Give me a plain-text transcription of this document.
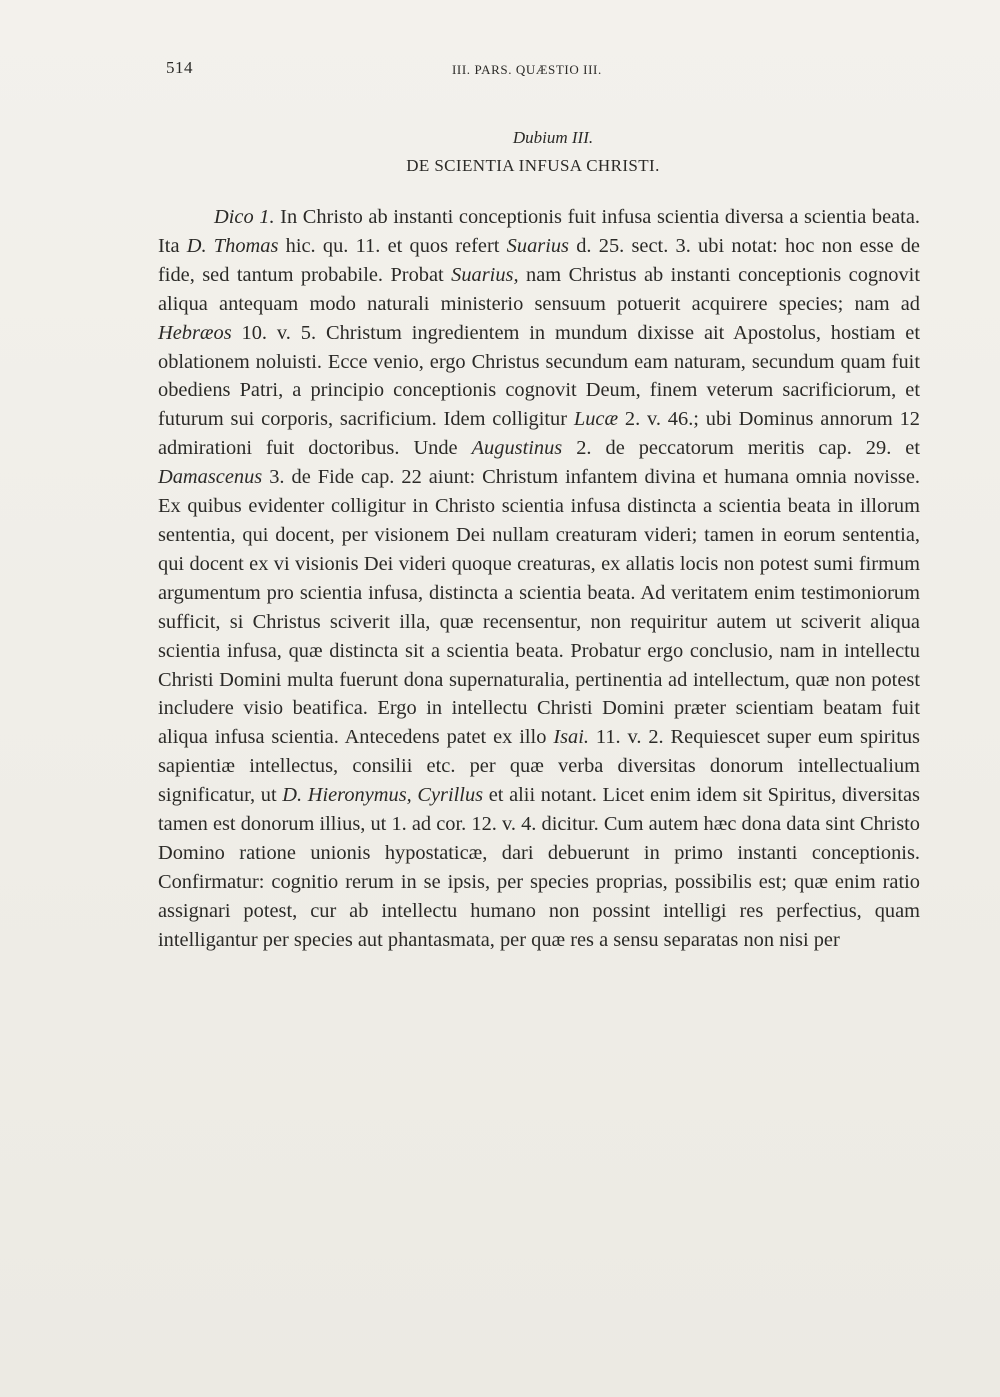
514	III. PARS. QUÆSTIO III.
Dubium III.
DE SCIENTIA INFUSA CHRISTI.

Dico 1. In Christo ab instanti conceptionis fuit infusa scientia diversa a scientia beata. Ita D. Thomas hic. qu. 11. et quos refert Suarius d. 25. sect. 3. ubi notat: hoc non esse de fide, sed tantum probabile. Probat Suarius, nam Christus ab instanti conceptionis cognovit aliqua antequam modo naturali ministerio sensuum potuerit acquirere species; nam ad Hebræos 10. v. 5. Christum ingredientem in mundum dixisse ait Apostolus, hostiam et oblationem noluisti. Ecce venio, ergo Christus secundum eam naturam, secundum quam fuit obediens Patri, a principio conceptionis cognovit Deum, finem veterum sacrificiorum, et futurum sui corporis, sacrificium. Idem colligitur Lucæ 2. v. 46.; ubi Dominus annorum 12 admirationi fuit doctoribus. Unde Augustinus 2. de peccatorum meritis cap. 29. et Damascenus 3. de Fide cap. 22 aiunt: Christum infantem divina et humana omnia novisse. Ex quibus evidenter colligitur in Christo scientia infusa distincta a scientia beata in illorum sententia, qui docent, per visionem Dei nullam creaturam videri; tamen in eorum sententia, qui docent ex vi visionis Dei videri quoque creaturas, ex allatis locis non potest sumi firmum argumentum pro scientia infusa, distincta a scientia beata. Ad veritatem enim testimoniorum sufficit, si Christus sciverit illa, quæ recensentur, non requiritur autem ut sciverit aliqua scientia infusa, quæ distincta sit a scientia beata. Probatur ergo conclusio, nam in intellectu Christi Domini multa fuerunt dona supernaturalia, pertinentia ad intellectum, quæ non potest includere visio beatifica. Ergo in intellectu Christi Domini præter scientiam beatam fuit aliqua infusa scientia. Antecedens patet ex illo Isai. 11. v. 2. Requiescet super eum spiritus sapientiæ intellectus, consilii etc. per quæ verba diversitas donorum intellectualium significatur, ut D. Hieronymus, Cyrillus et alii notant. Licet enim idem sit Spiritus, diversitas tamen est donorum illius, ut 1. ad cor. 12. v. 4. dicitur. Cum autem hæc dona data sint Christo Domino ratione unionis hypostaticæ, dari debuerunt in primo instanti conceptionis. Confirmatur: cognitio rerum in se ipsis, per species proprias, possibilis est; quæ enim ratio assignari potest, cur ab intellectu humano non possint intelligi res perfectius, quam intelligantur per species aut phantasmata, per quæ res a sensu separatas non nisi per
